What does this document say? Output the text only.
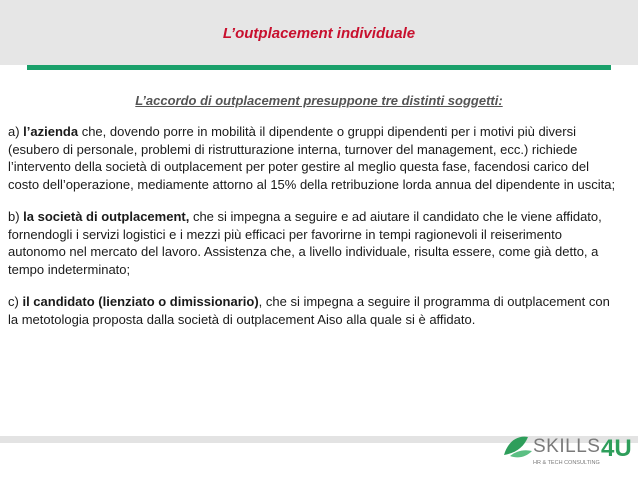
L’outplacement individuale
L’accordo di outplacement presuppone tre distinti soggetti:

a) l’azienda che, dovendo porre in mobilità il dipendente o gruppi dipendenti per i motivi più diversi (esubero di personale, problemi di ristrutturazione interna, turnover del management, ecc.) richiede l’intervento della società di outplacement per poter gestire al meglio questa fase, facendosi carico del costo dell’operazione, mediamente attorno al 15% della retribuzione lorda annua del dipendente in uscita;

b) la società di outplacement, che si impegna a seguire e ad aiutare il candidato che le viene affidato, fornendogli i servizi logistici e i mezzi più efficaci per favorirne in tempi ragionevoli il reiserimento autonomo nel mercato del lavoro. Assistenza che, a livello individuale, risulta essere, come già detto, a tempo indeterminato;

c) il candidato (lienziato o dimissionario), che si impegna a seguire il programma di outplacement con la metotologia proposta dalla società di outplacement Aiso alla quale si è affidato.

SKILLS 4U
HR & TECH CONSULTING
